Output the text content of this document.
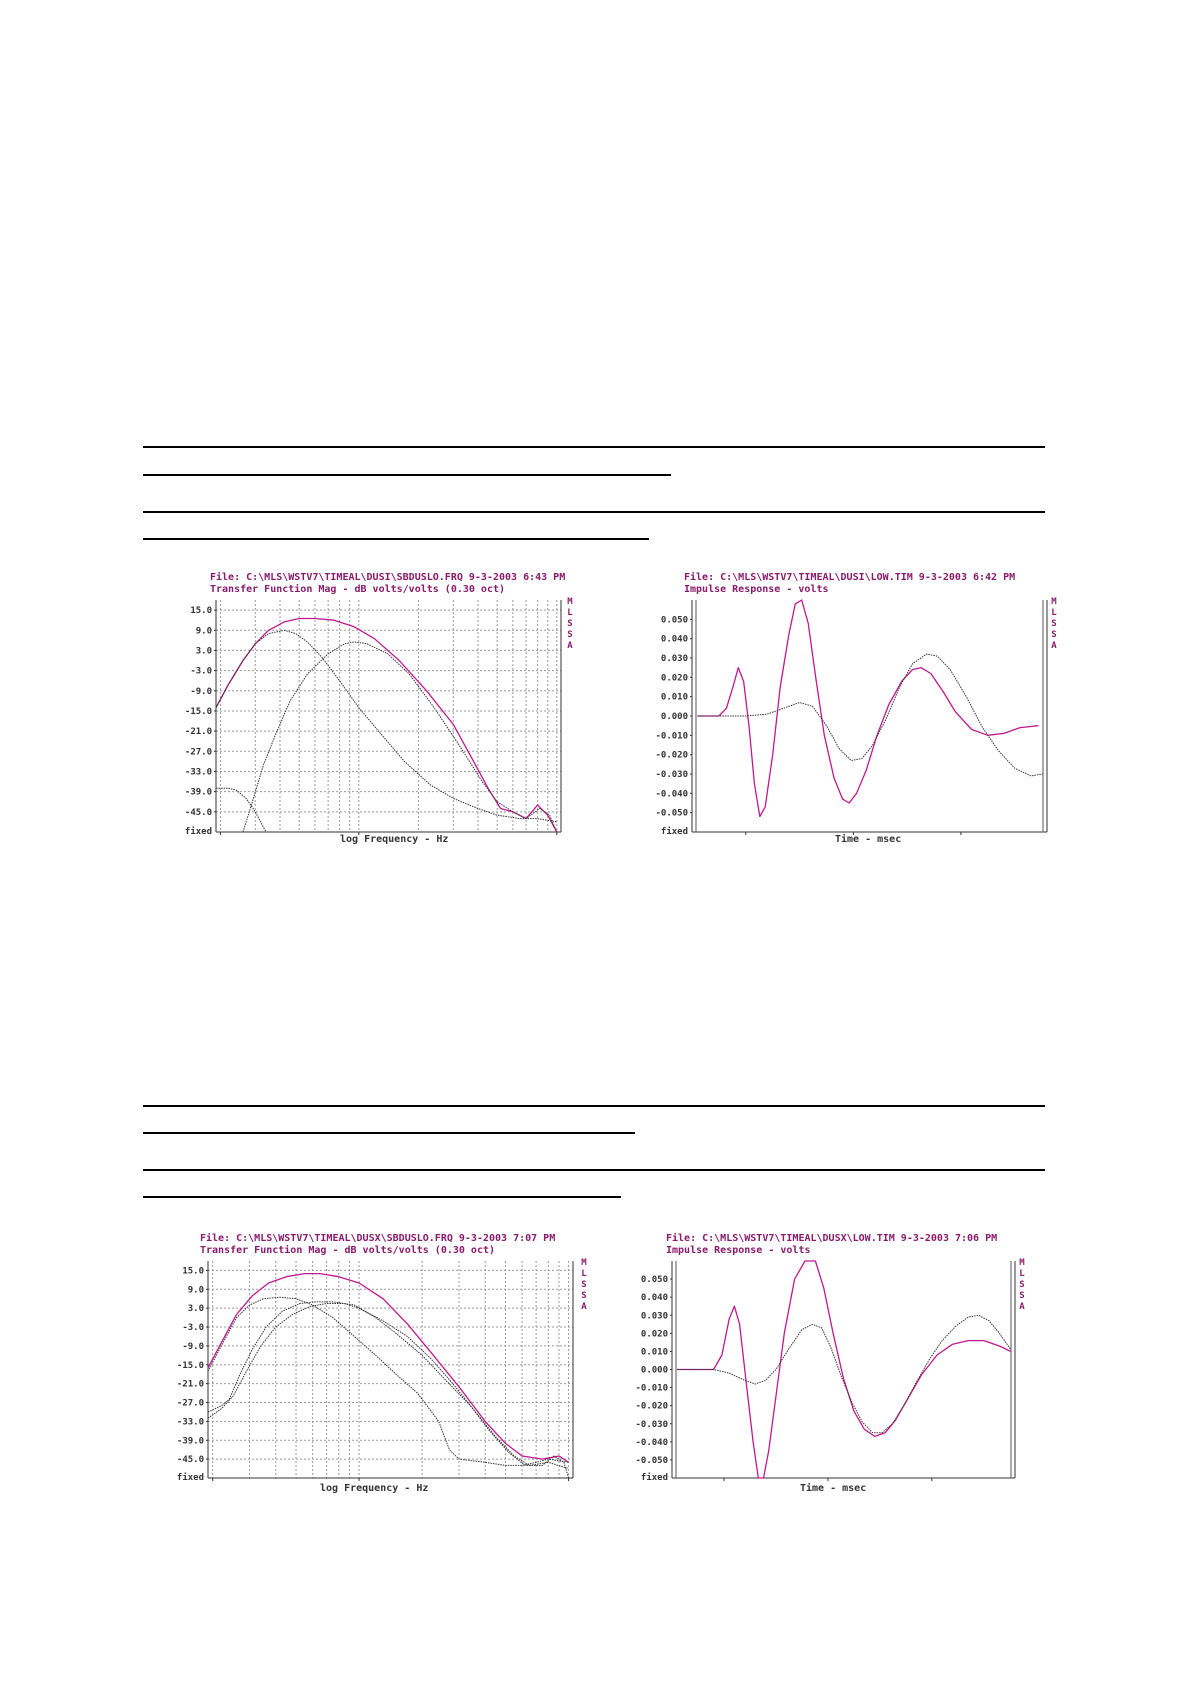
File: C:\MLS\WSTV7\TIMEAL\DUSI\SBDUSLO.FRQ 9-3-2003 6:43 PM
Transfer Function Mag - dB volts/volts (0.30 oct)
15.0
9.0
3.0
-3.0
-9.0
-15.0
-21.0
-27.0
-33.0
-39.0
-45.0
fixed
M
L
S
S
A
log Frequency - Hz
File: C:\MLS\WSTV7\TIMEAL\DUSI\LOW.TIM 9-3-2003 6:42 PM
Impulse Response - volts
0.050
0.040
0.030
0.020
0.010
0.000
-0.010
-0.020
-0.030
-0.040
-0.050
fixed
M
L
S
S
A
Time - msec
File: C:\MLS\WSTV7\TIMEAL\DUSX\SBDUSLO.FRQ 9-3-2003 7:07 PM
Transfer Function Mag - dB volts/volts (0.30 oct)
15.0
9.0
3.0
-3.0
-9.0
-15.0
-21.0
-27.0
-33.0
-39.0
-45.0
fixed
M
L
S
S
A
log Frequency - Hz
File: C:\MLS\WSTV7\TIMEAL\DUSX\LOW.TIM 9-3-2003 7:06 PM
Impulse Response - volts
0.050
0.040
0.030
0.020
0.010
0.000
-0.010
-0.020
-0.030
-0.040
-0.050
fixed
M
L
S
S
A
Time - msec
